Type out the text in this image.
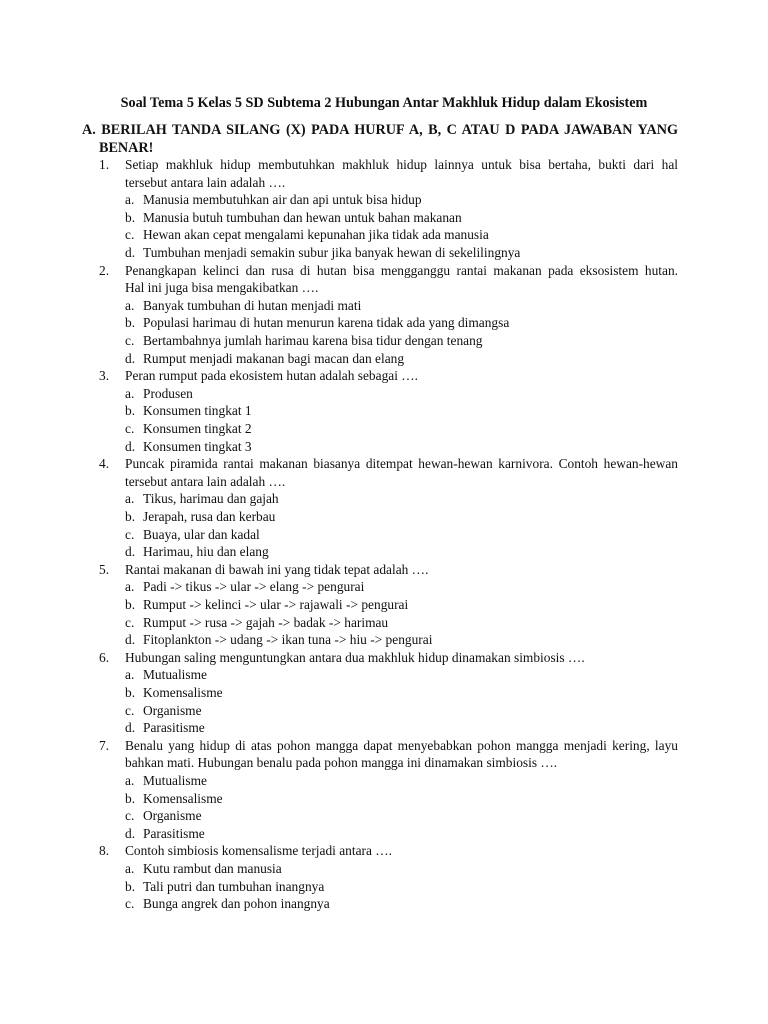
Soal Tema 5 Kelas 5 SD Subtema 2 Hubungan Antar Makhluk Hidup dalam Ekosistem
A. BERILAH TANDA SILANG (X) PADA HURUF A, B, C ATAU D PADA JAWABAN YANG
BENAR!
1. Setiap makhluk hidup membutuhkan makhluk hidup lainnya untuk bisa bertaha, bukti dari hal
tersebut antara lain adalah ….
a. Manusia membutuhkan air dan api untuk bisa hidup
b. Manusia butuh tumbuhan dan hewan untuk bahan makanan
c. Hewan akan cepat mengalami kepunahan jika tidak ada manusia
d. Tumbuhan menjadi semakin subur jika banyak hewan di sekelilingnya
2. Penangkapan kelinci dan rusa di hutan bisa mengganggu rantai makanan pada eksosistem hutan.
Hal ini juga bisa mengakibatkan ….
a. Banyak tumbuhan di hutan menjadi mati
b. Populasi harimau di hutan menurun karena tidak ada yang dimangsa
c. Bertambahnya jumlah harimau karena bisa tidur dengan tenang
d. Rumput menjadi makanan bagi macan dan elang
3. Peran rumput pada ekosistem hutan adalah sebagai ….
a. Produsen
b. Konsumen tingkat 1
c. Konsumen tingkat 2
d. Konsumen tingkat 3
4. Puncak piramida rantai makanan biasanya ditempat hewan-hewan karnivora. Contoh hewan-hewan
tersebut antara lain adalah ….
a. Tikus, harimau dan gajah
b. Jerapah, rusa dan kerbau
c. Buaya, ular dan kadal
d. Harimau, hiu dan elang
5. Rantai makanan di bawah ini yang tidak tepat adalah ….
a. Padi -> tikus -> ular -> elang -> pengurai
b. Rumput -> kelinci -> ular -> rajawali -> pengurai
c. Rumput -> rusa -> gajah -> badak -> harimau
d. Fitoplankton -> udang -> ikan tuna -> hiu -> pengurai
6. Hubungan saling menguntungkan antara dua makhluk hidup dinamakan simbiosis ….
a. Mutualisme
b. Komensalisme
c. Organisme
d. Parasitisme
7. Benalu yang hidup di atas pohon mangga dapat menyebabkan pohon mangga menjadi kering, layu
bahkan mati. Hubungan benalu pada pohon mangga ini dinamakan simbiosis ….
a. Mutualisme
b. Komensalisme
c. Organisme
d. Parasitisme
8. Contoh simbiosis komensalisme terjadi antara ….
a. Kutu rambut dan manusia
b. Tali putri dan tumbuhan inangnya
c. Bunga angrek dan pohon inangnya
